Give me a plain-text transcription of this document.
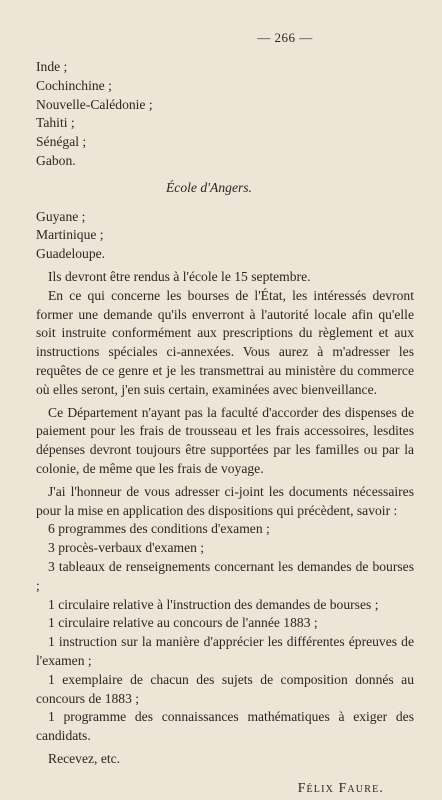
— 266 —
Inde ;
Cochinchine ;
Nouvelle-Calédonie ;
Tahiti ;
Sénégal ;
Gabon.
École d'Angers.
Guyane ;
Martinique ;
Guadeloupe.

Ils devront être rendus à l'école le 15 septembre.

En ce qui concerne les bourses de l'État, les intéressés devront former une demande qu'ils enverront à l'autorité locale afin qu'elle soit instruite conformément aux prescriptions du règlement et aux instructions spéciales ci-annexées. Vous aurez à m'adresser les requêtes de ce genre et je les transmettrai au ministère du commerce où elles seront, j'en suis certain, examinées avec bienveillance.

Ce Département n'ayant pas la faculté d'accorder des dispenses de paiement pour les frais de trousseau et les frais accessoires, lesdites dépenses devront toujours être supportées par les familles ou par la colonie, de même que les frais de voyage.

J'ai l'honneur de vous adresser ci-joint les documents nécessaires pour la mise en application des dispositions qui précèdent, savoir :

6 programmes des conditions d'examen ;
3 procès-verbaux d'examen ;
3 tableaux de renseignements concernant les demandes de bourses ;
1 circulaire relative à l'instruction des demandes de bourses ;
1 circulaire relative au concours de l'année 1883 ;
1 instruction sur la manière d'apprécier les différentes épreuves de l'examen ;
1 exemplaire de chacun des sujets de composition donnés au concours de 1883 ;
1 programme des connaissances mathématiques à exiger des candidats.
Recevez, etc.
Félix Faure.
